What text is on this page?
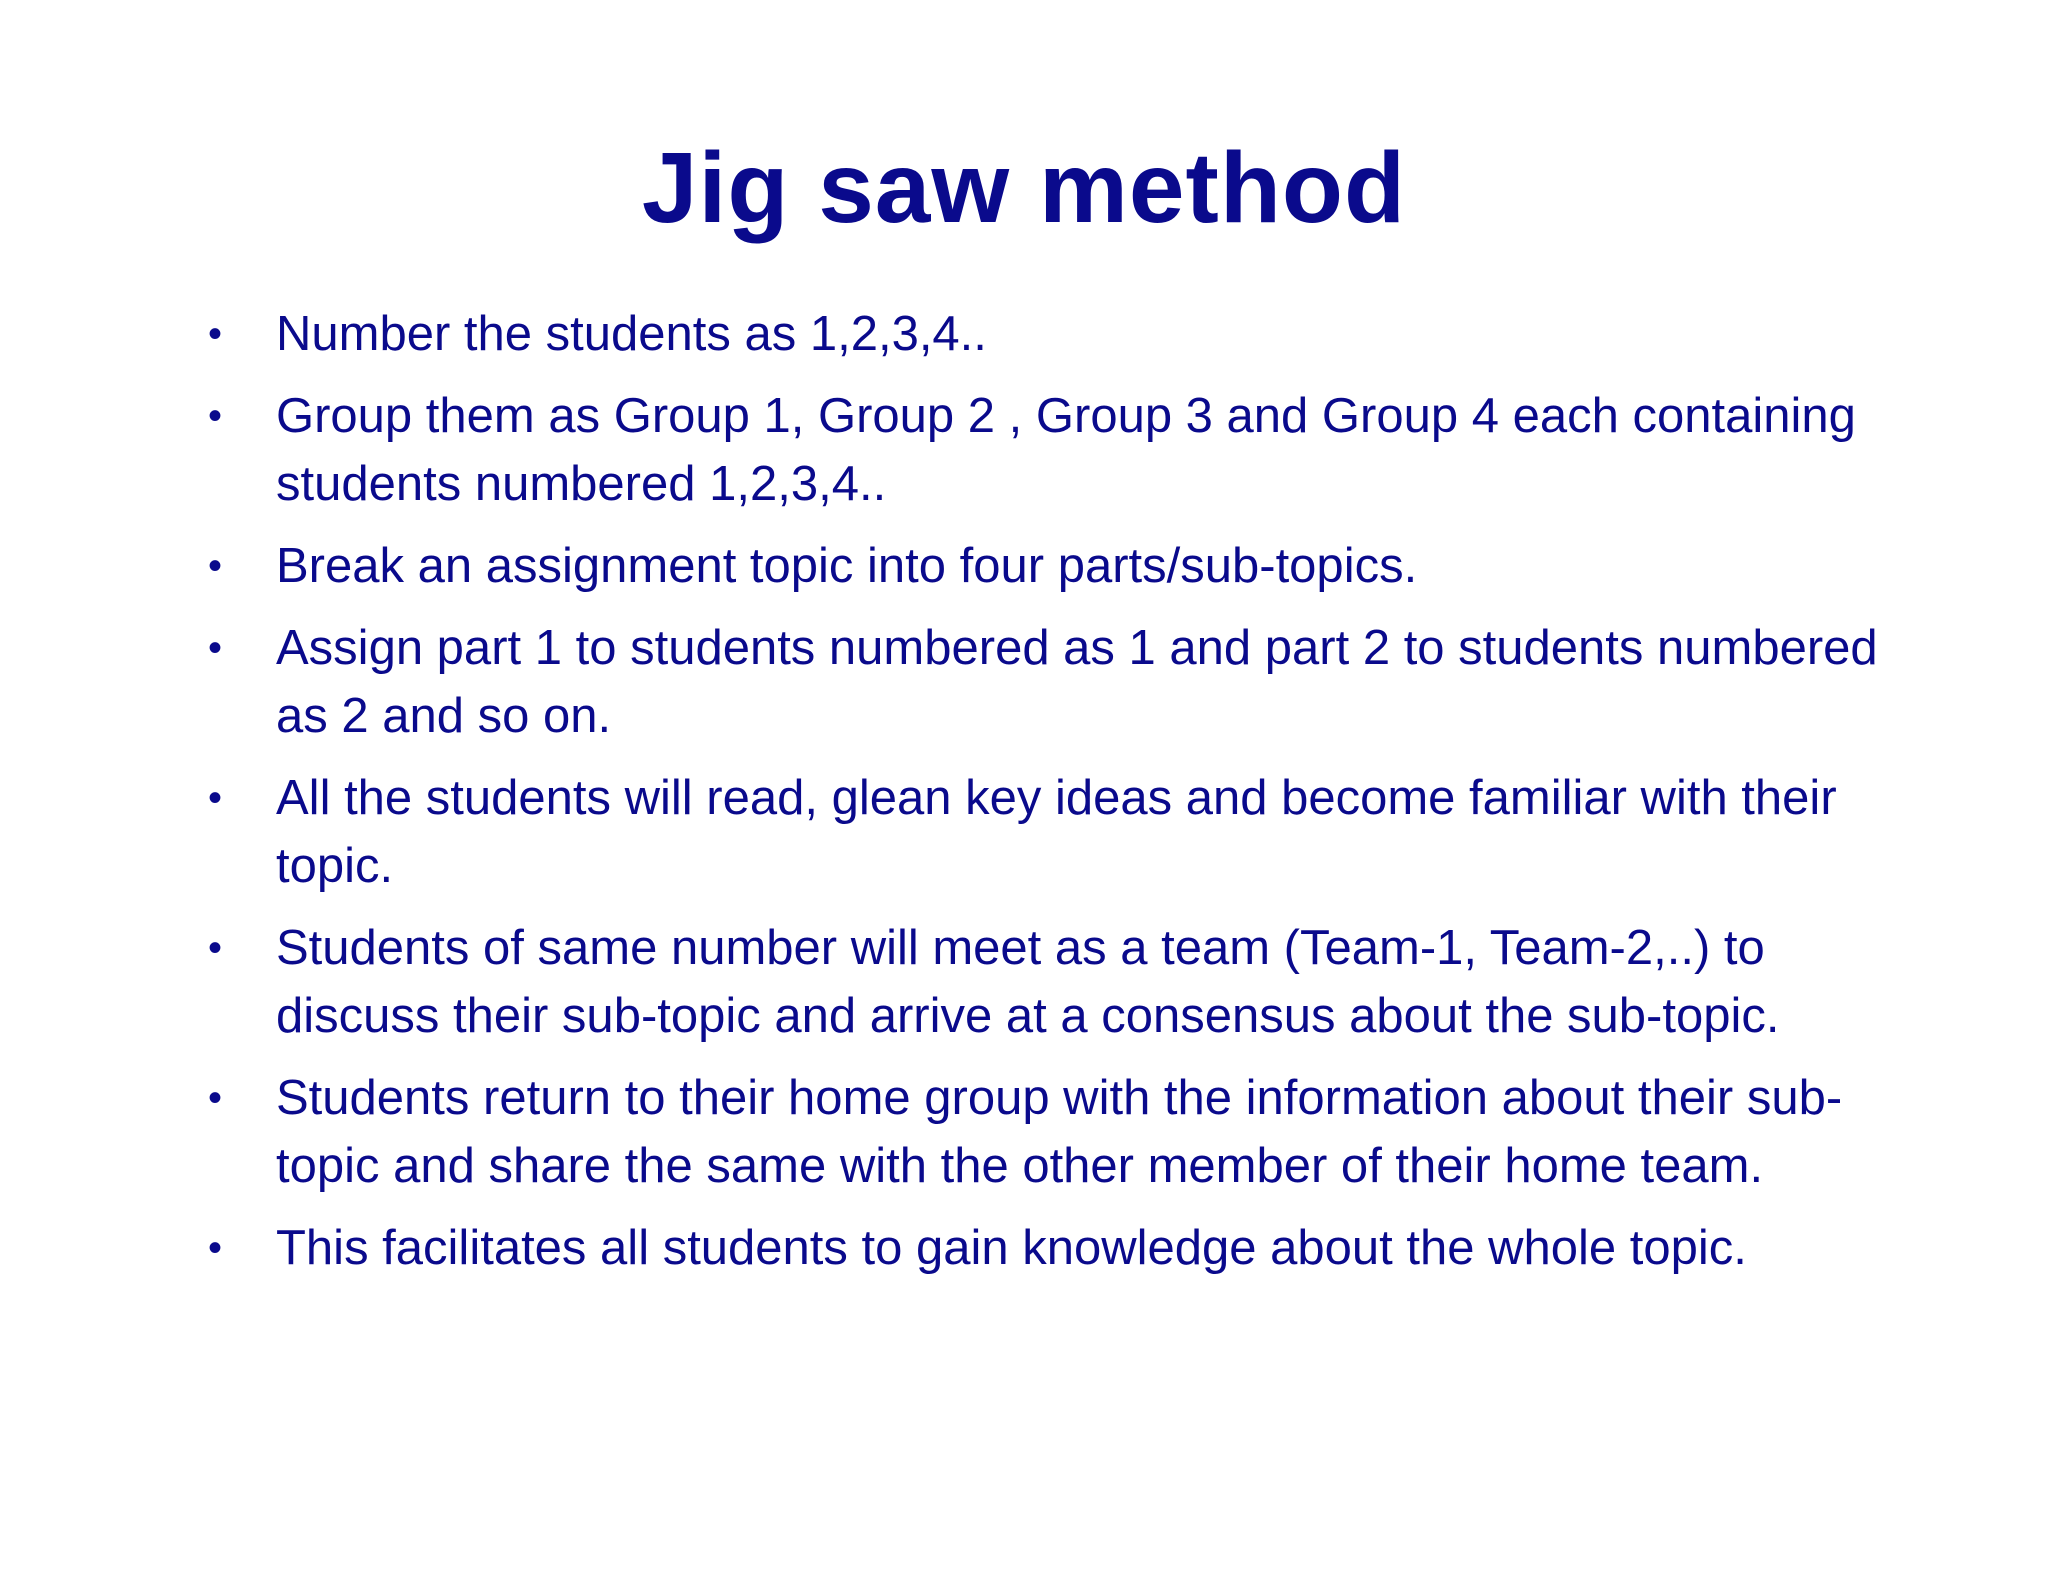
Jig saw method
• Number the students as 1,2,3,4..
• Group them as Group 1, Group 2 , Group 3 and Group 4 each containing students numbered 1,2,3,4..
• Break an assignment topic into four parts/sub-topics.
• Assign part 1 to students numbered as 1 and part 2 to students numbered as 2 and so on.
• All the students will read, glean key ideas and become familiar with their topic.
• Students of same number will meet as a team (Team-1, Team-2,..) to discuss their sub-topic and arrive at a consensus about the sub-topic.
• Students return to their home group with the information about their sub-topic and share the same with the other member of their home team.
• This facilitates all students to gain knowledge about the whole topic.
